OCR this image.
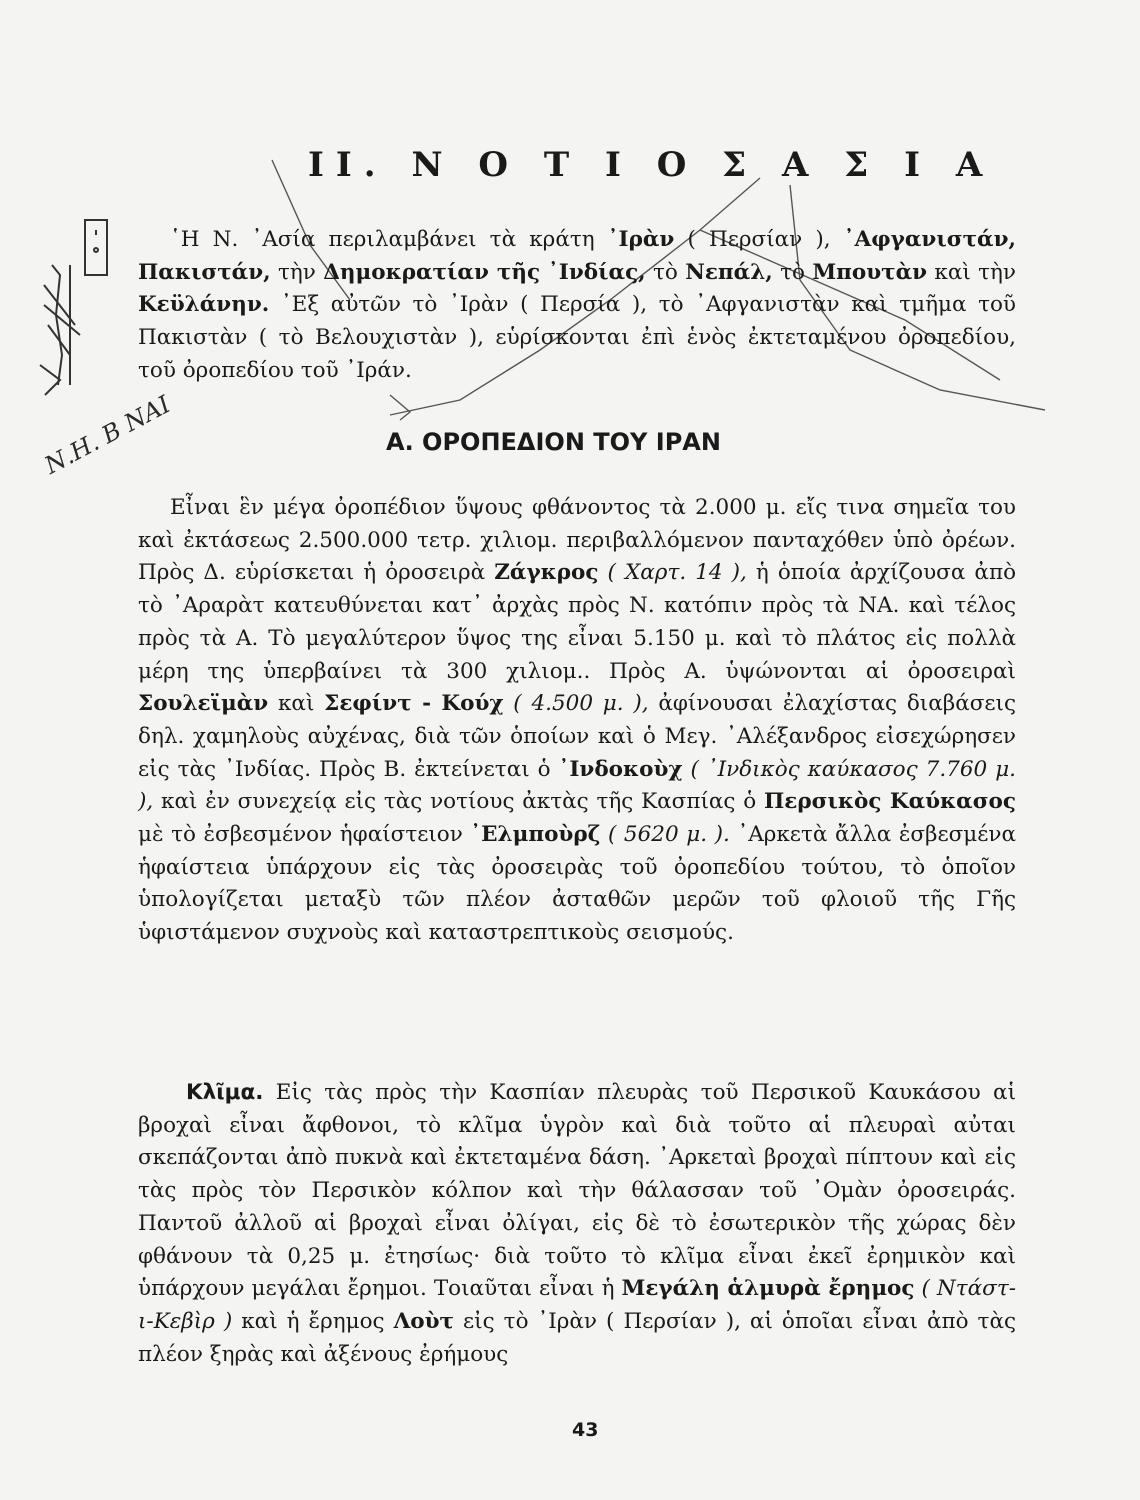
Ν.Η. Β ΝΑΙ
II. Ν Ο Τ Ι Ο Σ Α Σ Ι Α
῾Η Ν. ᾿Ασία περιλαμβάνει τὰ κράτη ᾿Ιρὰν ( Περσίαν ), ᾿Αφγανιστάν, Πακιστάν, τὴν Δημοκρατίαν τῆς ᾿Ινδίας, τὸ Νεπάλ, τὸ Μπουτὰν καὶ τὴν Κεϋλάνην. ᾿Εξ αὐτῶν τὸ ᾿Ιρὰν ( Περσία ), τὸ ᾿Αφγανιστὰν καὶ τμῆμα τοῦ Πακιστὰν ( τὸ Βελουχιστὰν ), εὑρίσκονται ἐπὶ ἑνὸς ἐκτεταμένου ὀροπεδίου, τοῦ ὀροπεδίου τοῦ ᾿Ιράν.
Α. ΟΡΟΠΕΔΙΟΝ ΤΟΥ ΙΡΑΝ
Εἶναι ἓν μέγα ὀροπέδιον ὕψους φθάνοντος τὰ 2.000 μ. εἴς τινα σημεῖα του καὶ ἐκτάσεως 2.500.000 τετρ. χιλιομ. περιβαλλόμενον πανταχόθεν ὑπὸ ὀρέων. Πρὸς Δ. εὑρίσκεται ἡ ὀροσειρὰ Ζάγκρος ( Χαρτ. 14 ), ἡ ὁποία ἀρχίζουσα ἀπὸ τὸ ᾿Αραρὰτ κατευθύνεται κατ᾿ ἀρχὰς πρὸς Ν. κατόπιν πρὸς τὰ ΝΑ. καὶ τέλος πρὸς τὰ Α. Τὸ μεγαλύτερον ὕψος της εἶναι 5.150 μ. καὶ τὸ πλάτος εἰς πολλὰ μέρη της ὑπερβαίνει τὰ 300 χιλιομ.. Πρὸς Α. ὑψώνονται αἱ ὀροσειραὶ Σουλεϊμὰν καὶ Σεφίντ - Κούχ ( 4.500 μ. ), ἀφίνουσαι ἐλαχίστας διαβάσεις δηλ. χαμηλοὺς αὐχένας, διὰ τῶν ὁποίων καὶ ὁ Μεγ. ᾿Αλέξανδρος εἰσεχώρησεν εἰς τὰς ᾿Ινδίας. Πρὸς Β. ἐκτείνεται ὁ ᾿Ινδοκοὺχ ( ᾿Ινδικὸς καύκασος 7.760 μ. ), καὶ ἐν συνεχείᾳ εἰς τὰς νοτίους ἀκτὰς τῆς Κασπίας ὁ Περσικὸς Καύκασος μὲ τὸ ἐσβεσμένον ἡφαίστειον ᾿Ελμποὺρζ ( 5620 μ. ). ᾿Αρκετὰ ἄλλα ἐσβεσμένα ἡφαίστεια ὑπάρχουν εἰς τὰς ὀροσειρὰς τοῦ ὀροπεδίου τούτου, τὸ ὁποῖον ὑπολογίζεται μεταξὺ τῶν πλέον ἀσταθῶν μερῶν τοῦ φλοιοῦ τῆς Γῆς ὑφιστάμενον συχνοὺς καὶ καταστρεπτικοὺς σεισμούς.
Κλῖμα. Εἰς τὰς πρὸς τὴν Κασπίαν πλευρὰς τοῦ Περσικοῦ Καυκάσου αἱ βροχαὶ εἶναι ἄφθονοι, τὸ κλῖμα ὑγρὸν καὶ διὰ τοῦτο αἱ πλευραὶ αὐται σκεπάζονται ἀπὸ πυκνὰ καὶ ἐκτεταμένα δάση. ᾿Αρκεταὶ βροχαὶ πίπτουν καὶ εἰς τὰς πρὸς τὸν Περσικὸν κόλπον καὶ τὴν θάλασσαν τοῦ ᾿Ομὰν ὀροσειράς. Παντοῦ ἀλλοῦ αἱ βροχαὶ εἶναι ὀλίγαι, εἰς δὲ τὸ ἐσωτερικὸν τῆς χώρας δὲν φθάνουν τὰ 0,25 μ. ἐτησίως· διὰ τοῦτο τὸ κλῖμα εἶναι ἐκεῖ ἐρημικὸν καὶ ὑπάρχουν μεγάλαι ἔρημοι. Τοιαῦται εἶναι ἡ Μεγάλη ἁλμυρὰ ἔρημος ( Ντάστ-ι-Κεβὶρ ) καὶ ἡ ἔρημος Λοὺτ εἰς τὸ ᾿Ιρὰν ( Περσίαν ), αἱ ὁποῖαι εἶναι ἀπὸ τὰς πλέον ξηρὰς καὶ ἀξένους ἐρήμους
43
